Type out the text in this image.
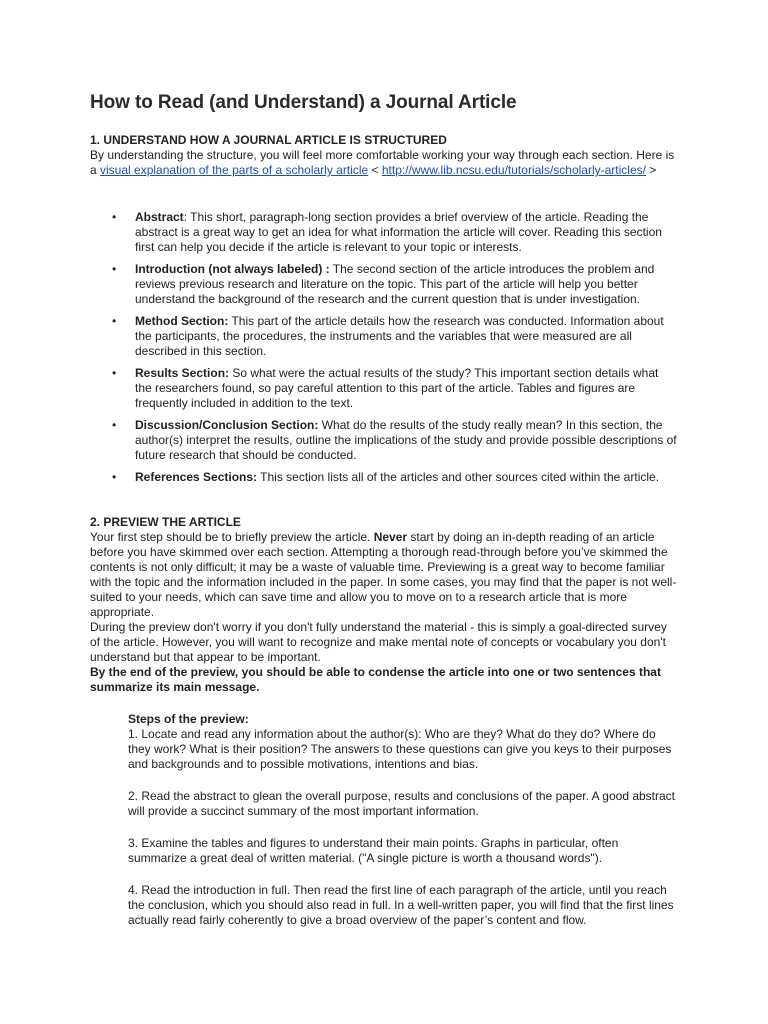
How to Read (and Understand) a Journal Article

1. UNDERSTAND HOW A JOURNAL ARTICLE IS STRUCTURED

By understanding the structure, you will feel more comfortable working your way through each section. Here is a visual explanation of the parts of a scholarly article < http://www.lib.ncsu.edu/tutorials/scholarly-articles/ >

• Abstract: This short, paragraph-long section provides a brief overview of the article. Reading the abstract is a great way to get an idea for what information the article will cover. Reading this section first can help you decide if the article is relevant to your topic or interests.
• Introduction (not always labeled) : The second section of the article introduces the problem and reviews previous research and literature on the topic. This part of the article will help you better understand the background of the research and the current question that is under investigation.
• Method Section: This part of the article details how the research was conducted. Information about the participants, the procedures, the instruments and the variables that were measured are all described in this section.
• Results Section: So what were the actual results of the study? This important section details what the researchers found, so pay careful attention to this part of the article. Tables and figures are frequently included in addition to the text.
• Discussion/Conclusion Section: What do the results of the study really mean? In this section, the author(s) interpret the results, outline the implications of the study and provide possible descriptions of future research that should be conducted.
• References Sections: This section lists all of the articles and other sources cited within the article.

2. PREVIEW THE ARTICLE

Your first step should be to briefly preview the article. Never start by doing an in-depth reading of an article before you have skimmed over each section. Attempting a thorough read-through before you’ve skimmed the contents is not only difficult; it may be a waste of valuable time. Previewing is a great way to become familiar with the topic and the information included in the paper. In some cases, you may find that the paper is not well-suited to your needs, which can save time and allow you to move on to a research article that is more appropriate.

During the preview don't worry if you don't fully understand the material - this is simply a goal-directed survey of the article. However, you will want to recognize and make mental note of concepts or vocabulary you don't understand but that appear to be important.

By the end of the preview, you should be able to condense the article into one or two sentences that summarize its main message.

Steps of the preview:

1. Locate and read any information about the author(s): Who are they? What do they do? Where do they work? What is their position? The answers to these questions can give you keys to their purposes and backgrounds and to possible motivations, intentions and bias.

2. Read the abstract to glean the overall purpose, results and conclusions of the paper. A good abstract will provide a succinct summary of the most important information.

3. Examine the tables and figures to understand their main points. Graphs in particular, often summarize a great deal of written material. ("A single picture is worth a thousand words").

4. Read the introduction in full. Then read the first line of each paragraph of the article, until you reach the conclusion, which you should also read in full. In a well-written paper, you will find that the first lines actually read fairly coherently to give a broad overview of the paper’s content and flow.
